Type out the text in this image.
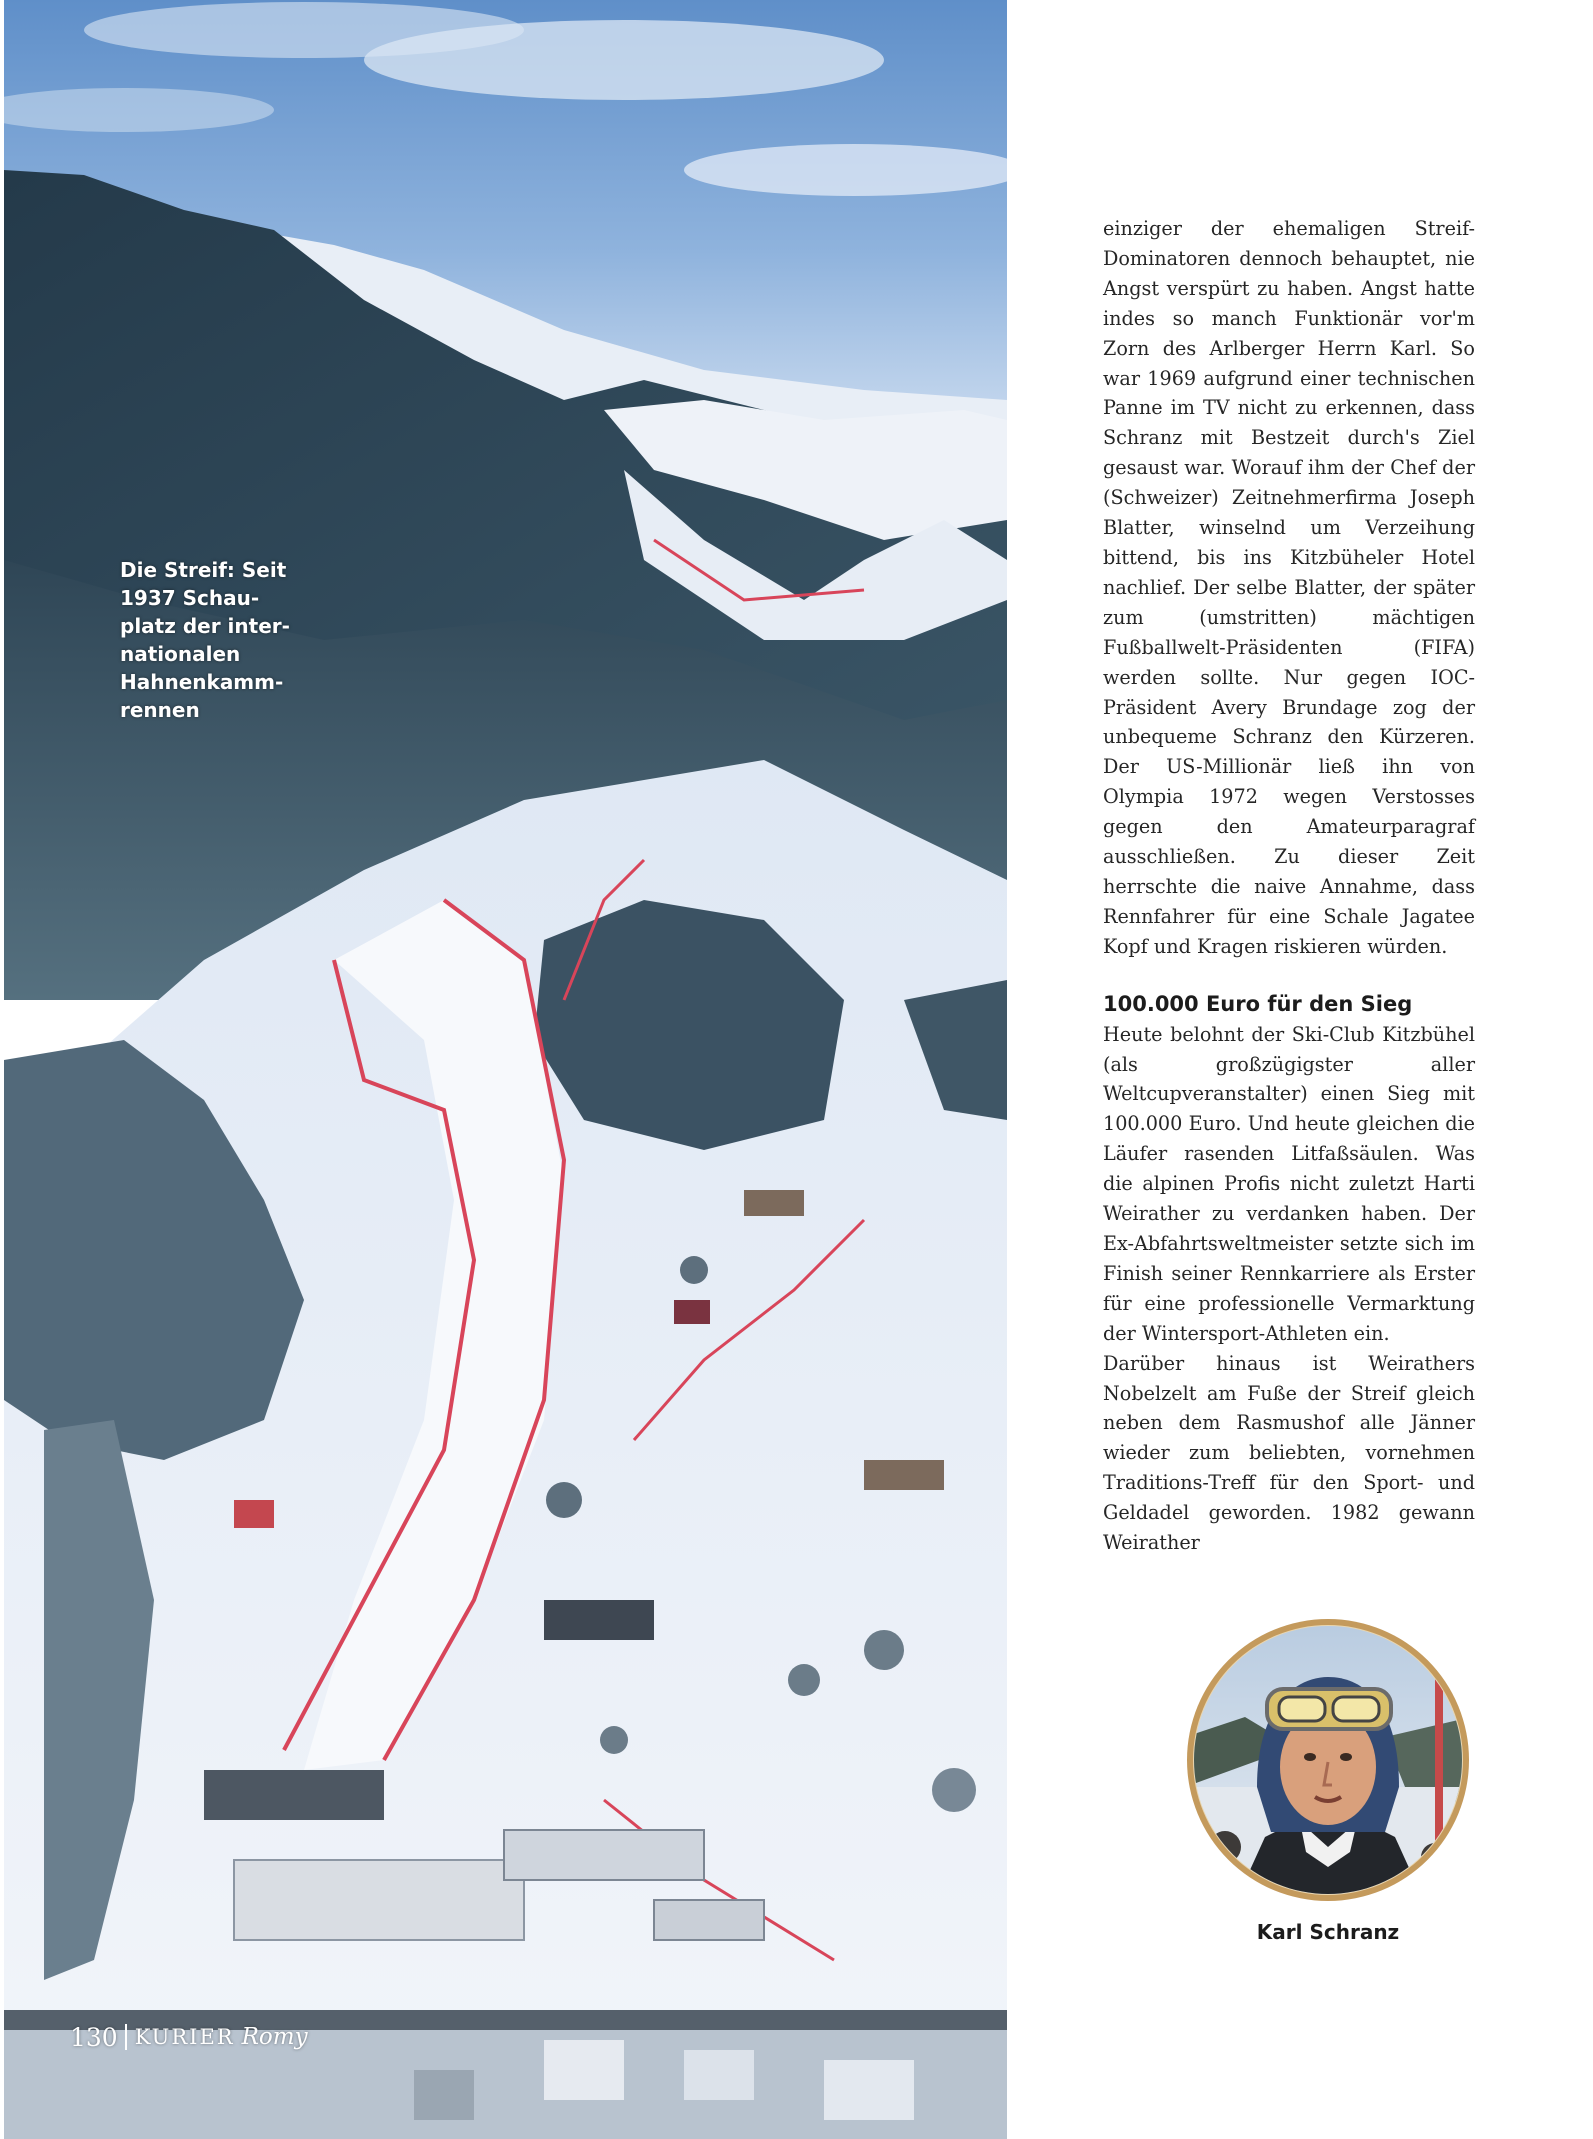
Die Streif: Seit
1937 Schau-
platz der inter-
nationalen
Hahnenkamm-
rennen
130 KURIER Romy

einziger der ehemaligen Streif-Dominatoren dennoch behauptet, nie Angst verspürt zu haben. Angst hatte indes so manch Funktionär vor'm Zorn des Arlberger Herrn Karl. So war 1969 aufgrund einer technischen Panne im TV nicht zu erkennen, dass Schranz mit Bestzeit durch's Ziel gesaust war. Worauf ihm der Chef der (Schweizer) Zeitnehmerfirma Joseph Blatter, winselnd um Verzeihung bittend, bis ins Kitzbüheler Hotel nachlief. Der selbe Blatter, der später zum (umstritten) mächtigen Fußballwelt-Präsidenten (FIFA) werden sollte. Nur gegen IOC-Präsident Avery Brundage zog der unbequeme Schranz den Kürzeren. Der US-Millionär ließ ihn von Olympia 1972 wegen Verstosses gegen den Amateurparagraf ausschließen. Zu dieser Zeit herrschte die naive Annahme, dass Rennfahrer für eine Schale Jagatee Kopf und Kragen riskieren würden.

100.000 Euro für den Sieg

Heute belohnt der Ski-Club Kitzbühel (als großzügigster aller Weltcupveranstalter) einen Sieg mit 100.000 Euro. Und heute gleichen die Läufer rasenden Litfaßsäulen. Was die alpinen Profis nicht zuletzt Harti Weirather zu verdanken haben. Der Ex-Abfahrtsweltmeister setzte sich im Finish seiner Rennkarriere als Erster für eine professionelle Vermarktung der Wintersport-Athleten ein.

Darüber hinaus ist Weirathers Nobelzelt am Fuße der Streif gleich neben dem Rasmushof alle Jänner wieder zum beliebten, vornehmen Traditions-Treff für den Sport- und Geldadel geworden. 1982 gewann Weirather

Karl Schranz
